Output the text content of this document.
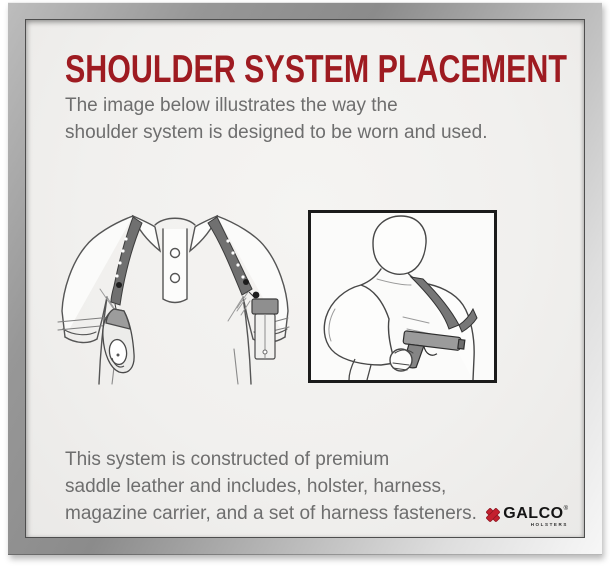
SHOULDER SYSTEM PLACEMENT
The image below illustrates the way the
shoulder system is designed to be worn and used.
This system is constructed of premium
saddle leather and includes, holster, harness,
magazine carrier, and a set of harness fasteners. GALCO®
HOLSTERS
